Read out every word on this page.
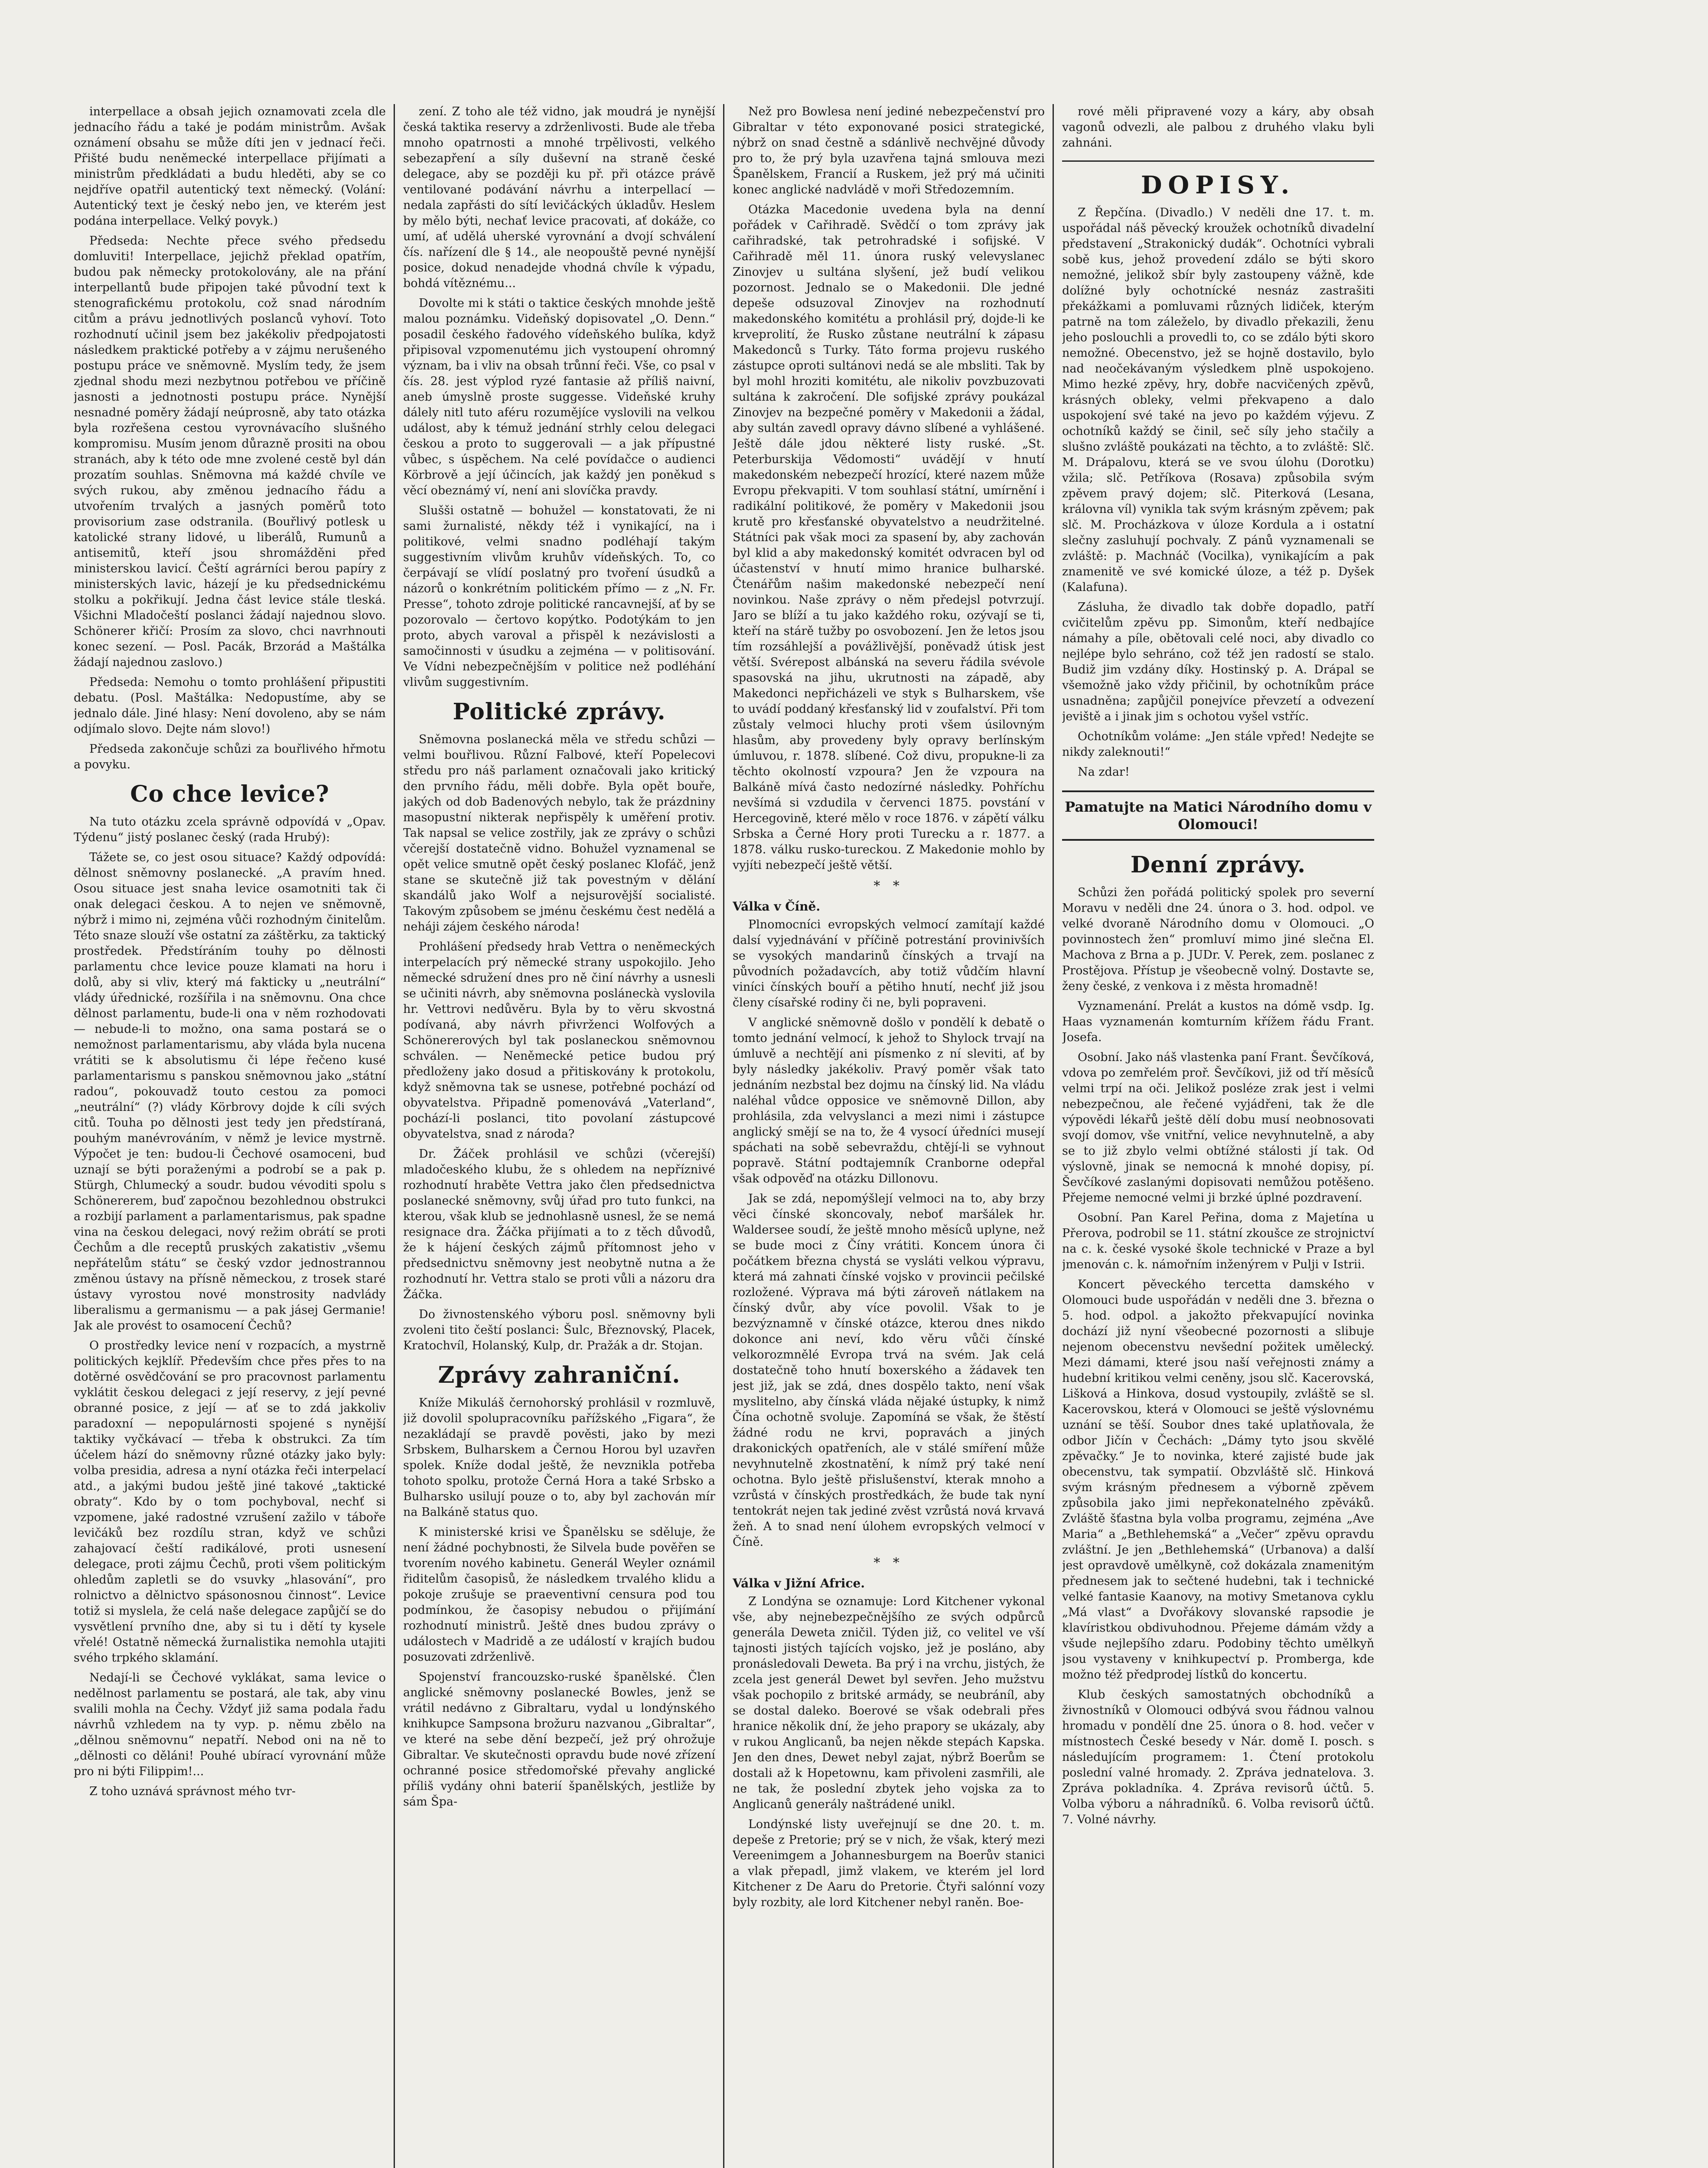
interpellace a obsah jejich oznamovati zcela dle jednacího řádu a také je podám ministrům. Avšak oznámení obsahu se může díti jen v jednací řeči. Přišté budu neněmecké interpellace přijímati a ministrům předkládati a budu hleděti, aby se co nejdříve opatřil autentický text německý. (Volání: Autentický text je český nebo jen, ve kterém jest podána interpellace. Velký povyk.)
Předseda: Nechte přece svého předsedu domluviti! Interpellace, jejichž překlad opatřím, budou pak německy protokolovány, ale na přání interpellantů bude připojen také původní text k stenografickému protokolu, což snad národním citům a právu jednotlivých poslanců vyhoví. Toto rozhodnutí učinil jsem bez jakékoliv předpojatosti následkem praktické potřeby a v zájmu nerušeného postupu práce ve sněmovně. Myslím tedy, že jsem zjednal shodu mezi nezbytnou potřebou ve příčině jasnosti a jednotnosti postupu práce. Nynější nesnadné poměry žádají neúprosně, aby tato otázka byla rozřešena cestou vyrovnávacího slušného kompromisu. Musím jenom důrazně prositi na obou stranách, aby k této ode mne zvolené cestě byl dán prozatím souhlas. Sněmovna má každé chvíle ve svých rukou, aby změnou jednacího řádu a utvořením trvalých a jasných poměrů toto provisorium zase odstranila. (Bouřlivý potlesk u katolické strany lidové, u liberálů, Rumunů a antisemitů, kteří jsou shromážděni před ministerskou lavicí. Čeští agrárníci berou papíry z ministerských lavic, házejí je ku předsednickému stolku a pokřikují. Jedna část levice stále tleská. Všichni Mladočeští poslanci žádají najednou slovo. Schönerer křičí: Prosím za slovo, chci navrhnouti konec sezení. — Posl. Pacák, Brzorád a Maštálka žádají najednou zaslovo.)
Předseda: Nemohu o tomto prohlášení připustiti debatu. (Posl. Maštálka: Nedopustíme, aby se jednalo dále. Jiné hlasy: Není dovoleno, aby se nám odjímalo slovo. Dejte nám slovo!)
Předseda zakončuje schůzi za bouřlivého hřmotu a povyku.
Co chce levice?
Na tuto otázku zcela správně odpovídá v „Opav. Týdenu“ jistý poslanec český (rada Hrubý):
Tážete se, co jest osou situace? Každý odpovídá: dělnost sněmovny poslanecké. „A pravím hned. Osou situace jest snaha levice osamotniti tak či onak delegaci českou. A to nejen ve sněmovně, nýbrž i mimo ni, zejména vůči rozhodným činitelům. Této snaze slouží vše ostatní za záštěrku, za taktický prostředek. Předstíráním touhy po dělnosti parlamentu chce levice pouze klamati na horu i dolů, aby si vliv, který má fakticky u „neutrální“ vlády úřednické, rozšířila i na sněmovnu. Ona chce dělnost parlamentu, bude-li ona v něm rozhodovati — nebude-li to možno, ona sama postará se o nemožnost parlamentarismu, aby vláda byla nucena vrátiti se k absolutismu či lépe řečeno kusé parlamentarismu s panskou sněmovnou jako „státní radou“, pokouvadž touto cestou za pomoci „neutrální“ (?) vlády Körbrovy dojde k cíli svých citů. Touha po dělnosti jest tedy jen předstíraná, pouhým manévrováním, v němž je levice mystrně. Výpočet je ten: budou-li Čechové osamoceni, buď uznají se býti poraženými a podrobí se a pak p. Stürgh, Chlumecký a soudr. budou vévoditi spolu s Schönererem, buď započnou bezohlednou obstrukci a rozbijí parlament a parlamentarismus, pak spadne vina na českou delegaci, nový režim obrátí se proti Čechům a dle receptů pruských zakatistiv „všemu nepřátelům státu“ se český vzdor jednostrannou změnou ústavy na přísně německou, z trosek staré ústavy vyrostou nové monstrosity nadvlády liberalismu a germanismu — a pak jásej Germanie! Jak ale provést to osamocení Čechů?
O prostředky levice není v rozpacích, a mystrně politických kejklíř. Především chce přes přes to na dotěrné osvědčování se pro pracovnost parlamentu vyklátit českou delegaci z její reservy, z její pevné obranné posice, z její — ať se to zdá jakkoliv paradoxní — nepopulárnosti spojené s nynější taktiky vyčkávací — třeba k obstrukci. Za tím účelem hází do sněmovny různé otázky jako byly: volba presidia, adresa a nyní otázka řeči interpelací atd., a jakými budou ještě jiné takové „taktické obraty“. Kdo by o tom pochyboval, nechť si vzpomene, jaké radostné vzrušení zažilo v táboře levičáků bez rozdílu stran, když ve schůzi zahajovací čeští radikálové, proti usnesení delegace, proti zájmu Čechů, proti všem politickým ohledům zapletli se do vsuvky „hlasování“, pro rolnictvo a dělnictvo spásonosnou činnost“. Levice totiž si myslela, že celá naše delegace zapůjčí se do vysvětlení prvního dne, aby si tu i dětí ty kysele vřelé! Ostatně německá žurnalistika nemohla utajiti svého trpkého sklamání.
Nedají-li se Čechové vyklákat, sama levice o nedělnost parlamentu se postará, ale tak, aby vinu svalili mohla na Čechy. Vždyť již sama podala řadu návrhů vzhledem na ty vyp. p. němu zbělo na „dělnou sněmovnu“ nepatří. Nebod oni na ně to „dělnosti co děláni! Pouhé ubírací vyrovnání může pro ni býti Filippim!...
Z toho uznává správnost mého tvr-
zení. Z toho ale též vidno, jak moudrá je nynější česká taktika reservy a zdrženlivosti. Bude ale třeba mnoho opatrnosti a mnohé trpělivosti, velkého sebezapření a síly duševní na straně české delegace, aby se později ku př. při otázce právě ventilované podávání návrhu a interpellací — nedala zapřásti do sítí levičáckých úkladův. Heslem by mělo býti, nechať levice pracovati, ať dokáže, co umí, ať udělá uherské vyrovnání a dvojí schválení čís. nařízení dle § 14., ale neopouště pevné nynější posice, dokud nenadejde vhodná chvíle k výpadu, bohdá vítěznému...
Dovolte mi k státi o taktice českých mnohde ještě malou poznámku. Videňský dopisovatel „O. Denn.“ posadil českého řadového vídeňského bulíka, když připisoval vzpomenutému jich vystoupení ohromný význam, ba i vliv na obsah trůnní řeči. Vše, co psal v čís. 28. jest výplod ryzé fantasie až příliš naivní, aneb úmyslně proste suggesse. Videňské kruhy dálely nitl tuto aféru rozumějíce vyslovili na velkou událost, aby k témuž jednání strhly celou delegaci českou a proto to suggerovali — a jak přípustné vůbec, s úspěchem. Na celé povídačce o audienci Körbrově a její účincích, jak každý jen poněkud s věcí obeznámý ví, není ani slovíčka pravdy.
Slušši ostatně — bohužel — konstatovati, že ni sami žurnalisté, někdy též i vynikající, na i politikové, velmi snadno podléhají takým suggestivním vlivům kruhův vídeňských. To, co čerpávají se vlídí poslatný pro tvoření úsudků a názorů o konkrétním politickém přímo — z „N. Fr. Presse“, tohoto zdroje politické rancavnejší, ať by se pozorovalo — čertovo kopýtko. Podotýkám to jen proto, abych varoval a přispěl k nezávislosti a samočinnosti v úsudku a zejména — v politisování. Ve Vídni nebezpečnějším v politice než podléhání vlivům suggestivním.
Politické zprávy.
Sněmovna poslanecká měla ve středu schůzi — velmi bouřlivou. Různí Falbové, kteří Popelecovi středu pro náš parlament označovali jako kritický den prvního řádu, měli dobře. Byla opět bouře, jakých od dob Badenových nebylo, tak že prázdniny masopustní nikterak nepřispěly k uměření protiv. Tak napsal se velice zostřily, jak ze zprávy o schůzi včerejší dostatečně vidno. Bohužel vyznamenal se opět velice smutně opět český poslanec Klofáč, jenž stane se skutečně již tak povestným v dělání skandálů jako Wolf a nejsurovější socialisté. Takovým způsobem se jménu českému čest nedělá a neháji zájem českého národa!
Prohlášení předsedy hrab Vettra o neněmeckých interpelacích prý německé strany uspokojilo. Jeho německé sdružení dnes pro ně činí návrhy a usnesli se učiniti návrh, aby sněmovna posláneckà vyslovila hr. Vettrovi nedůvěru. Byla by to věru skvostná podívaná, aby návrh přivrženci Wolfových a Schönererových byl tak poslaneckou sněmovnou schválen. — Neněmecké petice budou prý předloženy jako dosud a přitiskovány k protokolu, když sněmovna tak se usnese, potřebné pochází od obyvatelstva. Připadně pomenovává „Vaterland“, pochází-li poslanci, tito povolaní zástupcové obyvatelstva, snad z národa?
Dr. Žáček prohlásil ve schůzi (včerejší) mladočeského klubu, že s ohledem na nepříznivé rozhodnutí hraběte Vettra jako člen předsednictva poslanecké sněmovny, svůj úřad pro tuto funkci, na kterou, však klub se jednohlasně usnesl, že se nemá resignace dra. Žáčka přijímati a to z těch důvodů, že k hájení českých zájmů přítomnost jeho v předsednictvu sněmovny jest neobytně nutna a že rozhodnutí hr. Vettra stalo se proti vůli a názoru dra Žáčka.
Do živnostenského výboru posl. sněmovny byli zvoleni tito čeští poslanci: Šulc, Březnovský, Placek, Kratochvíl, Holanský, Kulp, dr. Pražák a dr. Stojan.
Zprávy zahraniční.
Kníže Mikuláš černohorský prohlásil v rozmluvě, již dovolil spolupracovníku pařížského „Figara“, že nezakládají se pravdě pověsti, jako by mezi Srbskem, Bulharskem a Černou Horou byl uzavřen spolek. Kníže dodal ještě, že nevznikla potřeba tohoto spolku, protože Černá Hora a také Srbsko a Bulharsko usilují pouze o to, aby byl zachován mír na Balkáně status quo.
K ministerské krisi ve Španělsku se sděluje, že není žádné pochybnosti, že Silvela bude pověřen se tvorením nového kabinetu. Generál Weyler oznámil řiditelům časopisů, že následkem trvalého klidu a pokoje zrušuje se praeventivní censura pod tou podmínkou, že časopisy nebudou o přijímání rozhodnutí ministrů. Ještě dnes budou zprávy o událostech v Madridě a ze událostí v krajích budou posuzovati zdrženlivě.
Spojenství francouzsko-ruské španělské. Člen anglické sněmovny poslanecké Bowles, jenž se vrátil nedávno z Gibraltaru, vydal u londýnského knihkupce Sampsona brožuru nazvanou „Gibraltar“, ve které na sebe dění bezpečí, jež prý ohrožuje Gibraltar. Ve skutečnosti opravdu bude nové zřízení ochranné posice středomořské převahy anglické příliš vydány ohni baterií španělských, jestliže by sám Špa-
Než pro Bowlesa není jediné nebezpečenství pro Gibraltar v této exponované posici strategické, nýbrž on snad čestně a sdánlivě nechvějné důvody pro to, že prý byla uzavřena tajná smlouva mezi Španělskem, Francií a Ruskem, jež prý má učiniti konec anglické nadvládě v moři Středozemním.
Otázka Macedonie uvedena byla na denní pořádek v Cařihradě. Svědčí o tom zprávy jak cařihradské, tak petrohradské i sofijské. V Cařihradě měl 11. února ruský velevyslanec Zinovjev u sultána slyšení, jež budí velikou pozornost. Jednalo se o Makedonii. Dle jedné depeše odsuzoval Zinovjev na rozhodnutí makedonského komitétu a prohlásil prý, dojde-li ke krveprolití, že Rusko zůstane neutrální k zápasu Makedonců s Turky. Táto forma projevu ruského zástupce oproti sultánovi nedá se ale mbsliti. Tak by byl mohl hroziti komitétu, ale nikoliv povzbuzovati sultána k zakročení. Dle sofijské zprávy poukázal Zinovjev na bezpečné poměry v Makedonii a žádal, aby sultán zavedl opravy dávno slíbené a vyhlášené. Ještě dále jdou některé listy ruské. „St. Peterburskija Vědomosti“ uvádějí v hnutí makedonském nebezpečí hrozící, které nazem může Evropu překvapiti. V tom souhlasí státní, umírnění i radikální politikové, že poměry v Makedonii jsou krutě pro křesťanské obyvatelstvo a neudržitelné. Státníci pak však moci za spasení by, aby zachován byl klid a aby makedonský komitét odvracen byl od účastenství v hnutí mimo hranice bulharské. Čtenářům našim makedonské nebezpečí není novinkou. Naše zprávy o něm předejsl potvrzují. Jaro se blíží a tu jako každého roku, ozývají se ti, kteří na stárě tužby po osvobození. Jen že letos jsou tím rozsáhlejší a povážlivější, poněvadž útisk jest větší. Svérepost albánská na severu řádila svévole spasovská na jihu, ukrutnosti na západě, aby Makedonci nepřicházeli ve styk s Bulharskem, vše to uvádí poddaný křesťanský lid v zoufalství. Při tom zůstaly velmoci hluchy proti všem úsilovným hlasům, aby provedeny byly opravy berlínským úmluvou, r. 1878. slíbené. Což divu, propukne-li za těchto okolností vzpoura? Jen že vzpoura na Balkáně mívá často nedozírné následky. Pohříchu nevšímá si vzdudila v červenci 1875. povstání v Hercegovině, které mělo v roce 1876. v zápětí válku Srbska a Černé Hory proti Turecku a r. 1877. a 1878. válku rusko-tureckou. Z Makedonie mohlo by vyjíti nebezpečí ještě větší.
* *
Válka v Číně.
Plnomocníci evropských velmocí zamítají každé dalsí vyjednávání v příčině potrestání provinivších se vysokých mandarinů čínských a trvají na původních požadavcích, aby totiž vůdčím hlavní viníci čínských bouří a pětiho hnutí, nechť již jsou členy císařské rodiny či ne, byli popraveni.
V anglické sněmovně došlo v pondělí k debatě o tomto jednání velmocí, k jehož to Shylock trvají na úmluvě a nechtějí ani písmenko z ní sleviti, ať by byly následky jakékoliv. Pravý poměr však tato jednáním nezbstal bez dojmu na čínský lid. Na vládu naléhal vůdce opposice ve sněmovně Dillon, aby prohlásila, zda velvyslanci a mezi nimi i zástupce anglický smějí se na to, že 4 vysocí úředníci musejí spáchati na sobě sebevraždu, chtějí-li se vyhnout popravě. Státní podtajemník Cranborne odepřal však odpověď na otázku Dillonovu.
Jak se zdá, nepomýšlejí velmoci na to, aby brzy věci čínské skoncovaly, neboť maršálek hr. Waldersee soudí, že ještě mnoho měsíců uplyne, než se bude moci z Číny vrátiti. Koncem února či počátkem března chystá se vysláti velkou výpravu, která má zahnati čínské vojsko v provincii pečilské rozložené. Výprava má býti zároveň nátlakem na čínský dvůr, aby více povolil. Však to je bezvýznamně v čínské otázce, kterou dnes nikdo dokonce ani neví, kdo věru vůči čínské velkorozmnělé Evropa trvá na svém. Jak celá dostatečně toho hnutí boxerského a žádavek ten jest již, jak se zdá, dnes dospělo takto, není však myslitelno, aby čínská vláda nějaké ústupky, k nimž Čína ochotně svoluje. Zapomíná se však, že štěstí žádné rodu ne krvi, popravách a jiných drakonických opatřeních, ale v stálé smíření může nevyhnutelně zkostnatění, k nímž prý také není ochotna. Bylo ještě přislušenství, kterak mnoho a vzrůstá v čínských prostředkách, že bude tak nyní tentokrát nejen tak jediné zvěst vzrůstá nová krvavá žeň. A to snad není úlohem evropských velmocí v Číně.
* *
Válka v Jižní Africe.
Z Londýna se oznamuje: Lord Kitchener vykonal vše, aby nejnebezpečnějšího ze svých odpůrců generála Deweta zničil. Týden již, co velitel ve vší tajnosti jistých tajících vojsko, jež je posláno, aby pronásledovali Deweta. Ba prý i na vrchu, jistých, že zcela jest generál Dewet byl sevřen. Jeho mužstvu však pochopilo z britské armády, se neubráníl, aby se dostal daleko. Boerové se však odebrali přes hranice několik dní, že jeho prapory se ukázaly, aby v rukou Anglicanů, ba nejen někde stepách Kapska. Jen den dnes, Dewet nebyl zajat, nýbrž Boerům se dostali až k Hopetownu, kam přivoleni zasmřili, ale ne tak, že poslední zbytek jeho vojska za to Anglicanů generály naštrádené unikl.
Londýnské listy uveřejnují se dne 20. t. m. depeše z Pretorie; prý se v nich, že však, který mezi Vereenimgem a Johannesburgem na Boerův stanici a vlak přepadl, jimž vlakem, ve kterém jel lord Kitchener z De Aaru do Pretorie. Čtyři salónní vozy byly rozbity, ale lord Kitchener nebyl raněn. Boe-
rové měli připravené vozy a káry, aby obsah vagonů odvezli, ale palbou z druhého vlaku byli zahnáni.
DOPISY.
Z Řepčína. (Divadlo.) V neděli dne 17. t. m. uspořádal náš pěvecký kroužek ochotníků divadelní představení „Strakonický dudák“. Ochotníci vybrali sobě kus, jehož provedení zdálo se býti skoro nemožné, jelikož sbír byly zastoupeny vážně, kde dolížné byly ochotnícké nesnáz zastrašiti překážkami a pomluvami různých lidiček, kterým patrně na tom záleželo, by divadlo překazili, ženu jeho poslouchli a provedli to, co se zdálo býti skoro nemožné. Obecenstvo, jež se hojně dostavilo, bylo nad neočekávaným výsledkem plně uspokojeno. Mimo hezké zpěvy, hry, dobře nacvičených zpěvů, krásných obleky, velmi překvapeno a dalo uspokojení své také na jevo po každém výjevu. Z ochotníků každý se činil, seč síly jeho stačily a slušno zvláště poukázati na těchto, a to zvláště: Slč. M. Drápalovu, která se ve svou úlohu (Dorotku) vžila; slč. Petříkova (Rosava) způsobila svým zpěvem pravý dojem; slč. Piterková (Lesana, královna víl) vynikla tak svým krásným zpěvem; pak slč. M. Procházkova v úloze Kordula a i ostatní slečny zasluhují pochvaly. Z pánů vyznamenali se zvláště: p. Machnáč (Vocilka), vynikajícím a pak znamenitě ve své komické úloze, a též p. Dyšek (Kalafuna).
Zásluha, že divadlo tak dobře dopadlo, patří cvičitelům zpěvu pp. Simonům, kteří nedbajíce námahy a píle, obětovali celé noci, aby divadlo co nejlépe bylo sehráno, což též jen radostí se stalo. Budiž jim vzdány díky. Hostinský p. A. Drápal se všemožně jako vždy přičinil, by ochotníkům práce usnadněna; zapůjčil ponejvíce převzetí a odvezení jeviště a i jinak jim s ochotou vyšel vstříc.
Ochotníkům volámе: „Jen stále vpřed! Nedejte se nikdy zaleknouti!“
Na zdar!
Pamatujte na Matici Národního domu v Olomouci!
Denní zprávy.
Schůzi žen pořádá politický spolek pro severní Moravu v neděli dne 24. února o 3. hod. odpol. ve velké dvoraně Národního domu v Olomouci. „O povinnostech žen“ promluví mimo jiné slečna El. Machova z Brna a p. JUDr. V. Perek, zem. poslanec z Prostějova. Přístup je všeobecně volný. Dostavte se, ženy české, z venkova i z města hromadně!
Vyznamenání. Prelát a kustos na dómě vsdp. Ig. Haas vyznamenán komturním křížem řádu Frant. Josefa.
Osobní. Jako náš vlastenka paní Frant. Ševčíková, vdova po zemřelém proř. Ševčíkovi, již od tří měsíců velmi trpí na oči. Jelikož posléze zrak jest i velmi nebezpečnou, ale řečené vyjádřeni, tak že dle výpovědi lékařů ještě dělí dobu musí neobnosovati svojí domov, vše vnitřní, velice nevyhnutelně, a aby se to již zbylo velmi obtížné stálosti jí tak. Od výslovně, jinak se nemocná k mnohé dopisy, pí. Ševčíkové zaslanými dopisovati nemůžou potěšeno. Přejeme nemocné velmi ji brzké úplné pozdravení.
Osobní. Pan Karel Peřina, doma z Majetína u Přerova, podrobil se 11. státní zkoušce ze strojnictví na c. k. české vysoké škole technické v Praze a byl jmenován c. k. námořním inženýrem v Pulji v Istrii.
Koncert pěveckého tercetta damského v Olomouci bude uspořádán v neděli dne 3. března o 5. hod. odpol. a jakožto překvapující novinka dochází již nyní všeobecné pozornosti a slibuje nejenom obecenstvu nevšední požitek umělecký. Mezi dámami, které jsou naší veřejnosti známy a hudební kritikou velmi ceněny, jsou slč. Kacerovská, Lišková a Hinkova, dosud vystoupily, zvláště se sl. Kacerovskou, která v Olomouci se ještě výslovnému uznání se těší. Soubor dnes také uplatňovala, že odbor Jičín v Čechách: „Dámy tyto jsou skvělé zpěvačky.“ Je to novinka, které zajisté bude jak obecenstvu, tak sympatií. Obzvláště slč. Hinková svým krásným přednesem a výborně zpěvem způsobila jako jimi nepřekonatelného zpěváků. Zvláště šťastna byla volba programu, zejména „Ave Maria“ a „Bethlehemská“ a „Večer“ zpěvu opravdu zvláštní. Je jen „Bethlehemská“ (Urbanova) a další jest opravdově umělkyně, což dokázala znamenitým přednesem jak to sečtené hudebni, tak i technické velké fantasie Kaanovy, na motivy Smetanova cyklu „Má vlast“ a Dvořákovy slovanské rapsodie je klavíristkou obdivuhodnou. Přejeme dámám vždy a všude nejlepšího zdaru. Podobiny těchto umělkyň jsou vystaveny v knihkupectví p. Promberga, kde možno též předprodej lístků do koncertu.
Klub českých samostatných obchodníků a živnostníků v Olomouci odbývá svou řádnou valnou hromadu v pondělí dne 25. února o 8. hod. večer v místnostech České besedy v Nár. domě I. posch. s následujícím programem: 1. Čtení protokolu poslední valné hromady. 2. Zpráva jednatelova. 3. Zpráva pokladníka. 4. Zpráva revisorů účtů. 5. Volba výboru a náhradníků. 6. Volba revisorů účtů. 7. Volné návrhy.
